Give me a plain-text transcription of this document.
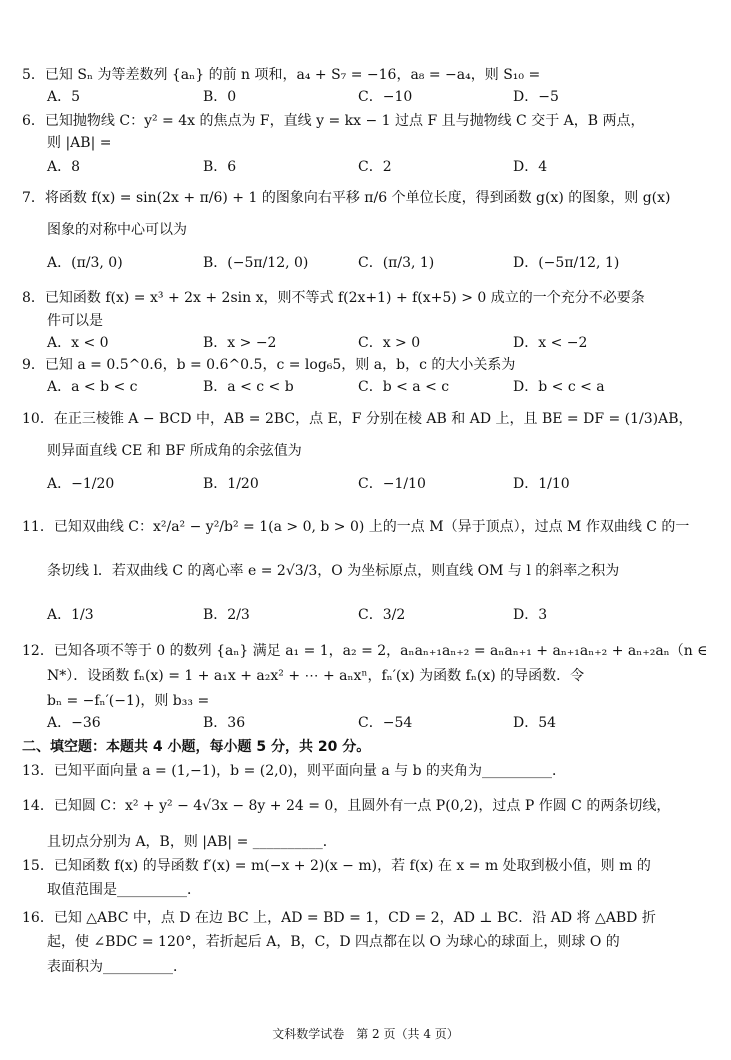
5．已知 Sₙ 为等差数列 {aₙ} 的前 n 项和，a₄ + S₇ = −16，a₈ = −a₄，则 S₁₀ =
A．5	B．0	C．−10	D．−5
6．已知抛物线 C：y² = 4x 的焦点为 F，直线 y = kx − 1 过点 F 且与抛物线 C 交于 A，B 两点，
则 |AB| =
A．8	B．6	C．2	D．4
7．将函数 f(x) = sin(2x + π/6) + 1 的图象向右平移 π/6 个单位长度，得到函数 g(x) 的图象，则 g(x)
图象的对称中心可以为
A．(π/3, 0)	B．(−5π/12, 0)	C．(π/3, 1)	D．(−5π/12, 1)
8．已知函数 f(x) = x³ + 2x + 2sin x，则不等式 f(2x+1) + f(x+5) > 0 成立的一个充分不必要条
件可以是
A．x < 0	B．x > −2	C．x > 0	D．x < −2
9．已知 a = 0.5^0.6，b = 0.6^0.5，c = log₆5，则 a，b，c 的大小关系为
A．a < b < c	B．a < c < b	C．b < a < c	D．b < c < a
10．在正三棱锥 A − BCD 中，AB = 2BC，点 E，F 分别在棱 AB 和 AD 上，且 BE = DF = (1/3)AB，
则异面直线 CE 和 BF 所成角的余弦值为
A．−1/20	B．1/20	C．−1/10	D．1/10
11．已知双曲线 C：x²/a² − y²/b² = 1(a > 0, b > 0) 上的一点 M（异于顶点），过点 M 作双曲线 C 的一
条切线 l．若双曲线 C 的离心率 e = 2√3/3，O 为坐标原点，则直线 OM 与 l 的斜率之积为
A．1/3	B．2/3	C．3/2	D．3
12．已知各项不等于 0 的数列 {aₙ} 满足 a₁ = 1，a₂ = 2，aₙaₙ₊₁aₙ₊₂ = aₙaₙ₊₁ + aₙ₊₁aₙ₊₂ + aₙ₊₂aₙ（n ∈
N*）．设函数 fₙ(x) = 1 + a₁x + a₂x² + ⋯ + aₙxⁿ，fₙ′(x) 为函数 fₙ(x) 的导函数．令
bₙ = −fₙ′(−1)，则 b₃₃ =
A．−36	B．36	C．−54	D．54
二、填空题：本题共 4 小题，每小题 5 分，共 20 分。
13．已知平面向量 a = (1,−1)，b = (2,0)，则平面向量 a 与 b 的夹角为__________．
14．已知圆 C：x² + y² − 4√3x − 8y + 24 = 0，且圆外有一点 P(0,2)，过点 P 作圆 C 的两条切线，
且切点分别为 A，B，则 |AB| = __________．
15．已知函数 f(x) 的导函数 f′(x) = m(−x + 2)(x − m)，若 f(x) 在 x = m 处取到极小值，则 m 的
取值范围是__________．
16．已知 △ABC 中，点 D 在边 BC 上，AD = BD = 1，CD = 2，AD ⊥ BC．沿 AD 将 △ABD 折
起，使 ∠BDC = 120°，若折起后 A，B，C，D 四点都在以 O 为球心的球面上，则球 O 的
表面积为__________．
文科数学试卷　第 2 页（共 4 页）
